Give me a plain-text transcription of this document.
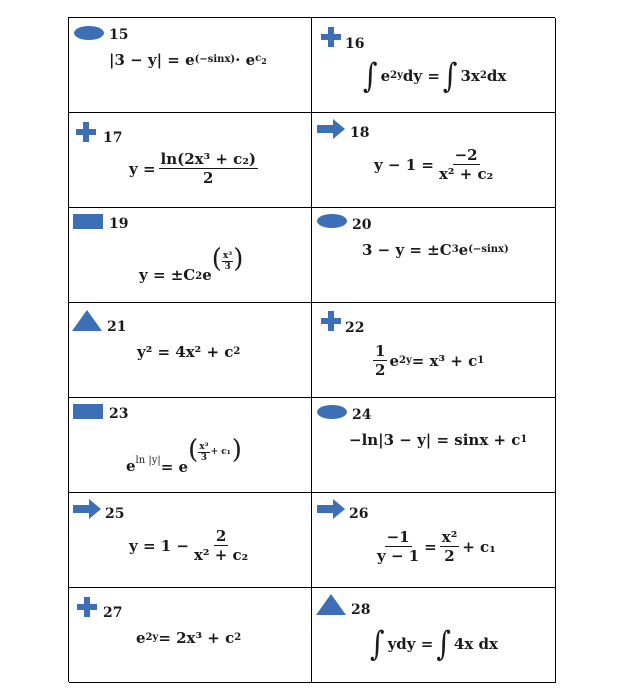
15
|3 − y| = e (−sinx) · e $c_2$
16
∫ e 2y dy = ∫ 3x 2 dx
17
$y = \frac{\text{ln(2x³ + c₂)}}{2}$
18
$y - 1 = \frac{-2}{\text{x² + c₂}}$
19
y = ±C 2 e
( x³
3 )
20
3 − y = ±C 3 e (−sinx)
21
y² = 4x² + c 2
22
$\frac{1}{2}$ e 2y = x³ + c 1
23
e ln |y| = e
( x³
3
+ c₁ )
24
−ln|3 − y| = sinx + c 1
25
$y = 1 - \frac{2}{\text{x² + c₂}}$
26
$\frac{-1}{y - 1} = \frac{\text{x²}}{2} + c_1$
27
e 2y = 2x³ + c 2
28
∫ ydy = ∫ 4x dx
